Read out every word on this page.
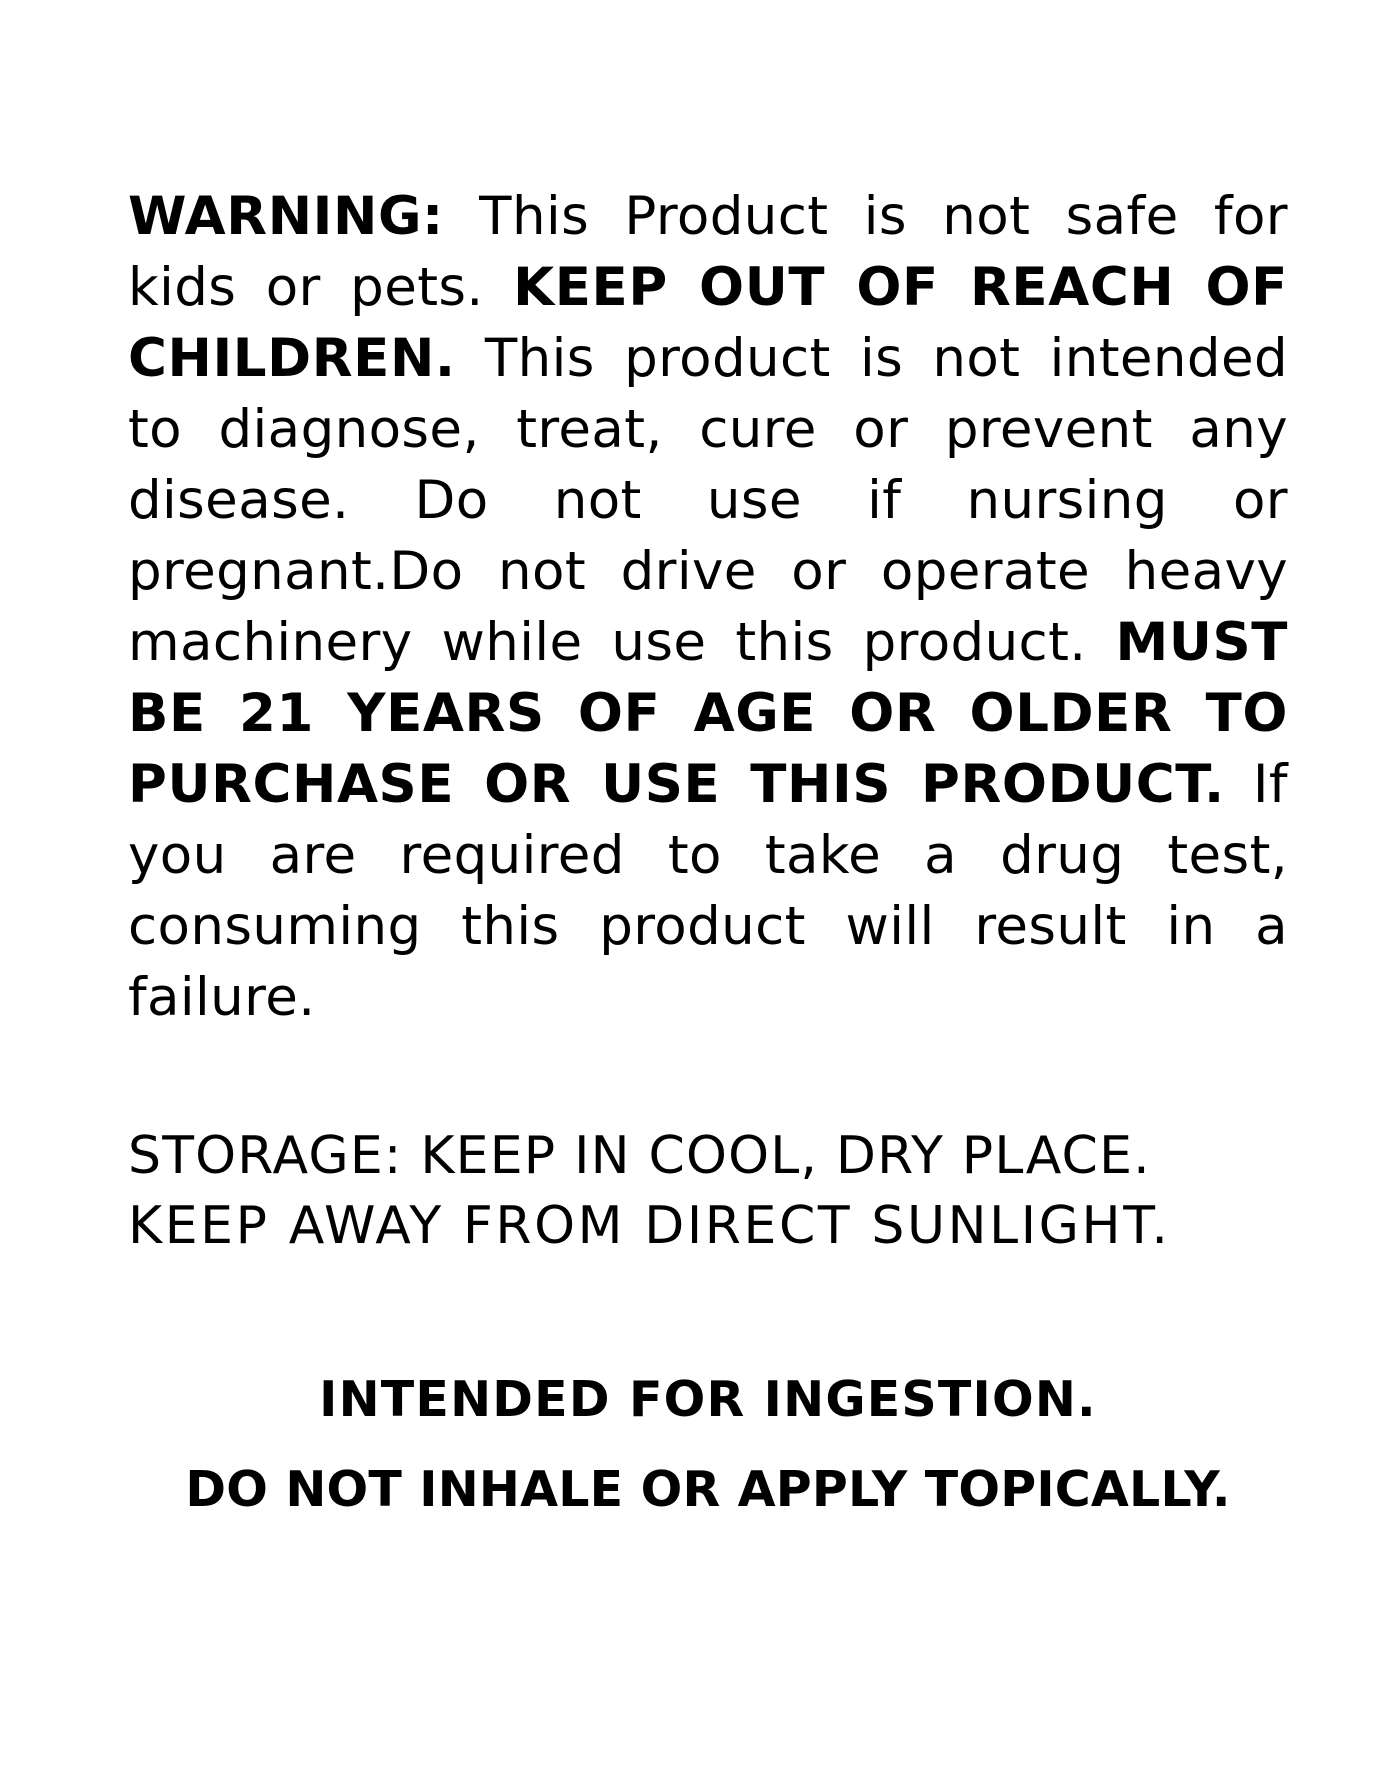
WARNING: This Product is not safe for kids or pets. KEEP OUT OF REACH OF CHILDREN. This product is not intended to diagnose, treat, cure or prevent any disease. Do not use if nursing or pregnant.Do not drive or operate heavy machinery while use this product. MUST BE 21 YEARS OF AGE OR OLDER TO PURCHASE OR USE THIS PRODUCT. If you are required to take a drug test, consuming this product will result in a failure.

STORAGE: KEEP IN COOL, DRY PLACE.
KEEP AWAY FROM DIRECT SUNLIGHT.
INTENDED FOR INGESTION.
DO NOT INHALE OR APPLY TOPICALLY.
